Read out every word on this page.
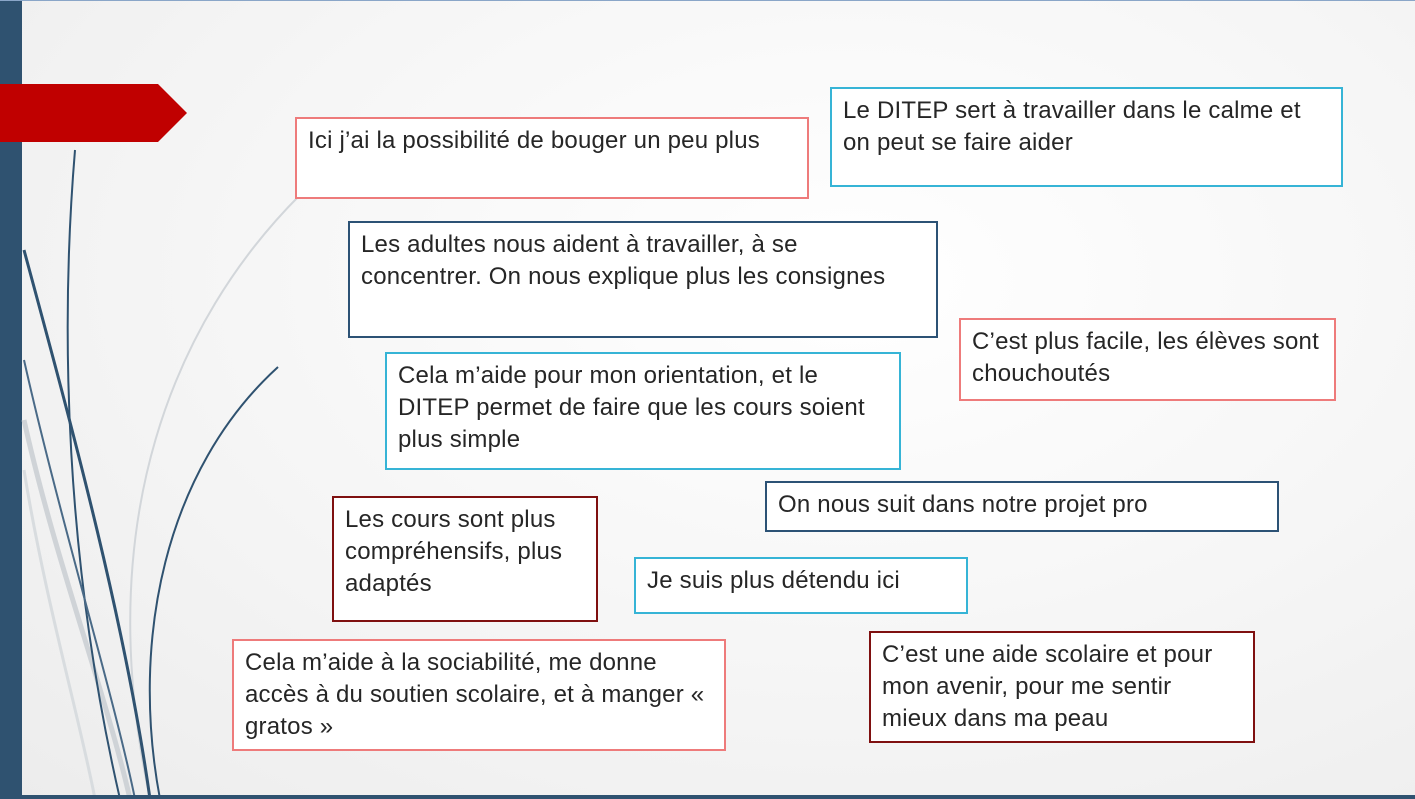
Ici j’ai la possibilité de bouger un peu plus
Le DITEP sert à travailler dans le calme et on peut se faire aider
Les adultes nous aident à travailler, à se concentrer. On nous explique plus les consignes
C’est plus facile, les élèves sont chouchoutés
Cela m’aide pour mon orientation, et le DITEP permet de faire que les cours soient plus simple
On nous suit dans notre projet pro
Les cours sont plus compréhensifs, plus adaptés	Je suis plus détendu ici
Cela m’aide à la sociabilité, me donne accès à du soutien scolaire, et à manger « gratos »
C’est une aide scolaire et pour mon avenir, pour me sentir mieux dans ma peau
